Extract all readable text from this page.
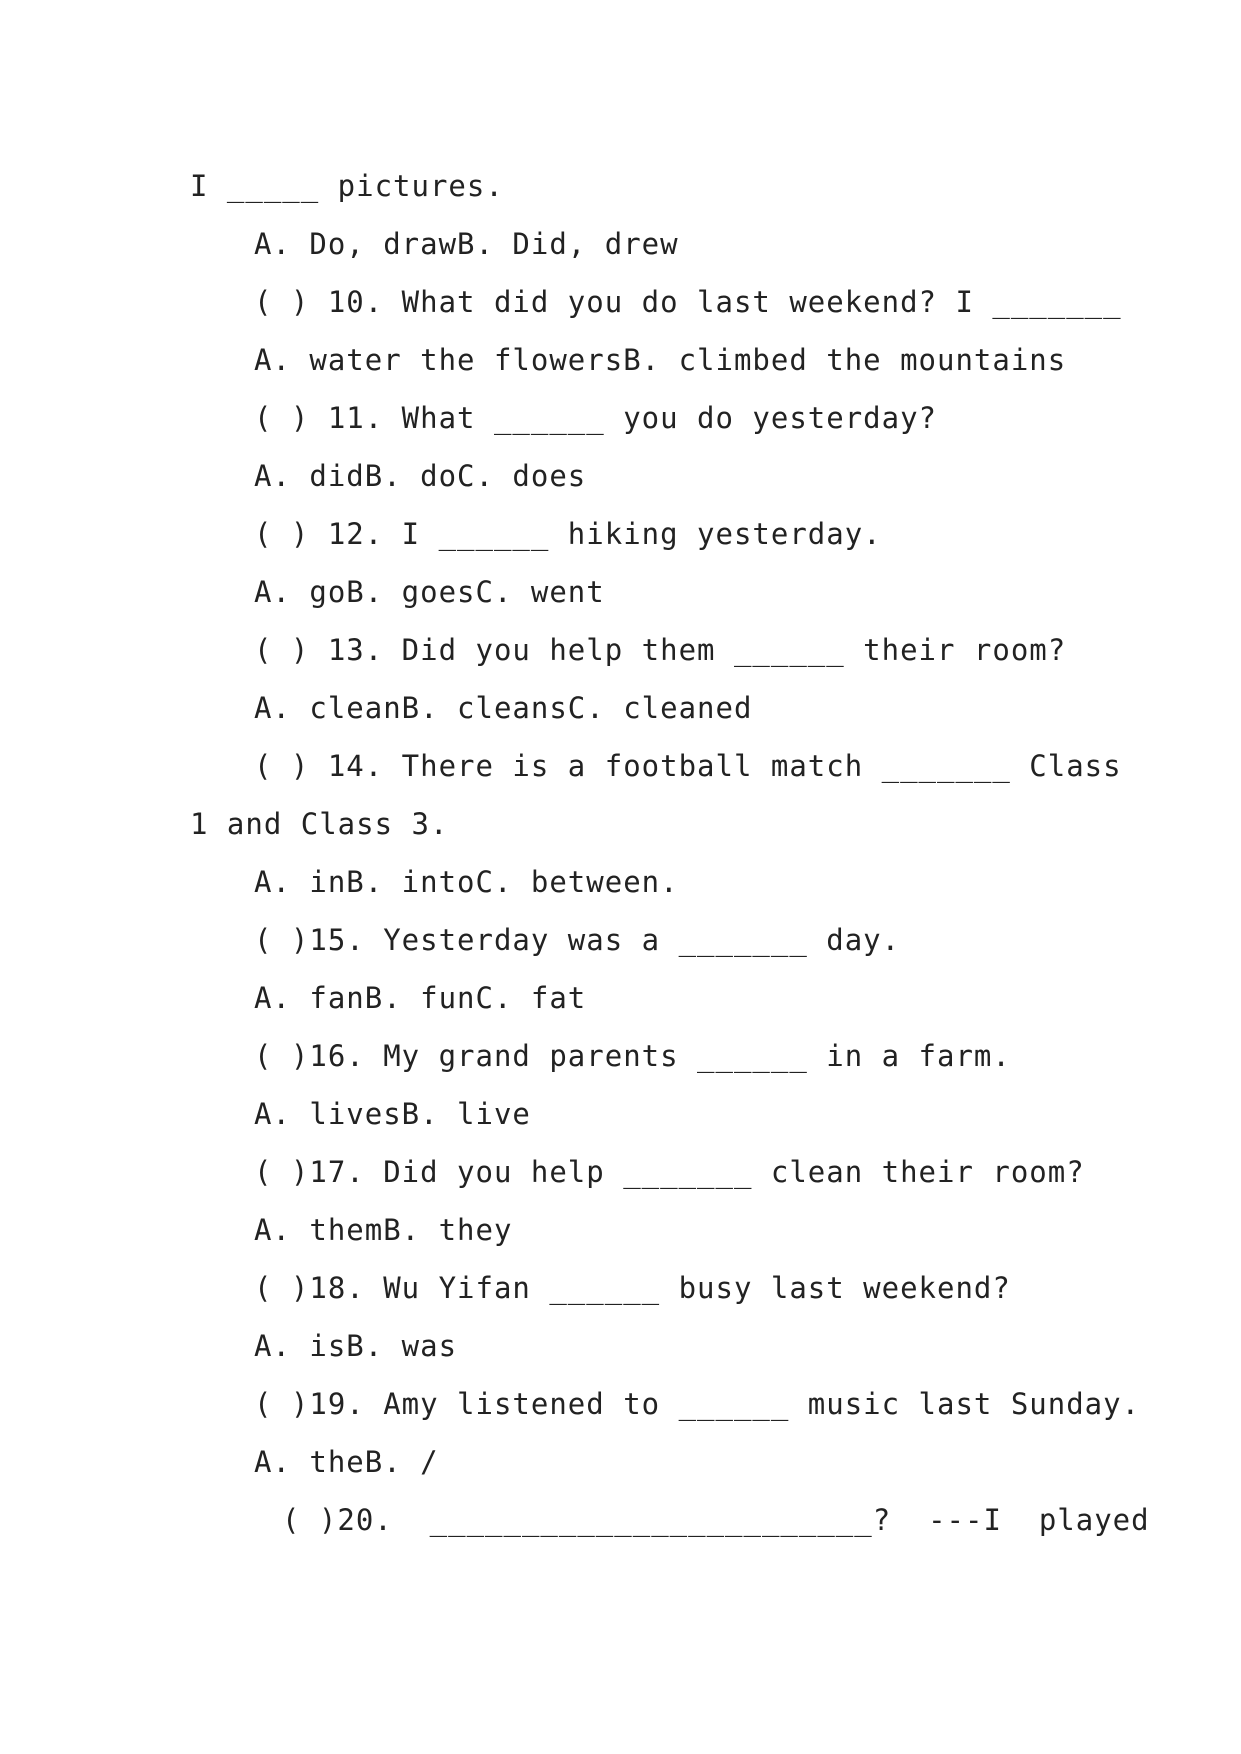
I _____ pictures.
A. Do, drawB. Did, drew
( ) 10. What did you do last weekend? I _______
A. water the flowersB. climbed the mountains
( ) 11. What ______ you do yesterday?
A. didB. doC. does
( ) 12. I ______ hiking yesterday.
A. goB. goesC. went
( ) 13. Did you help them ______ their room?
A. cleanB. cleansC. cleaned
( ) 14. There is a football match _______ Class
1 and Class 3.
A. inB. intoC. between.
( )15. Yesterday was a _______ day.
A. fanB. funC. fat
( )16. My grand parents ______ in a farm.
A. livesB. live
( )17. Did you help _______ clean their room?
A. themB. they
( )18. Wu Yifan ______ busy last weekend?
A. isB. was
( )19. Amy listened to ______ music last Sunday.
A. theB. /
( )20.  ________________________?  ---I  played
